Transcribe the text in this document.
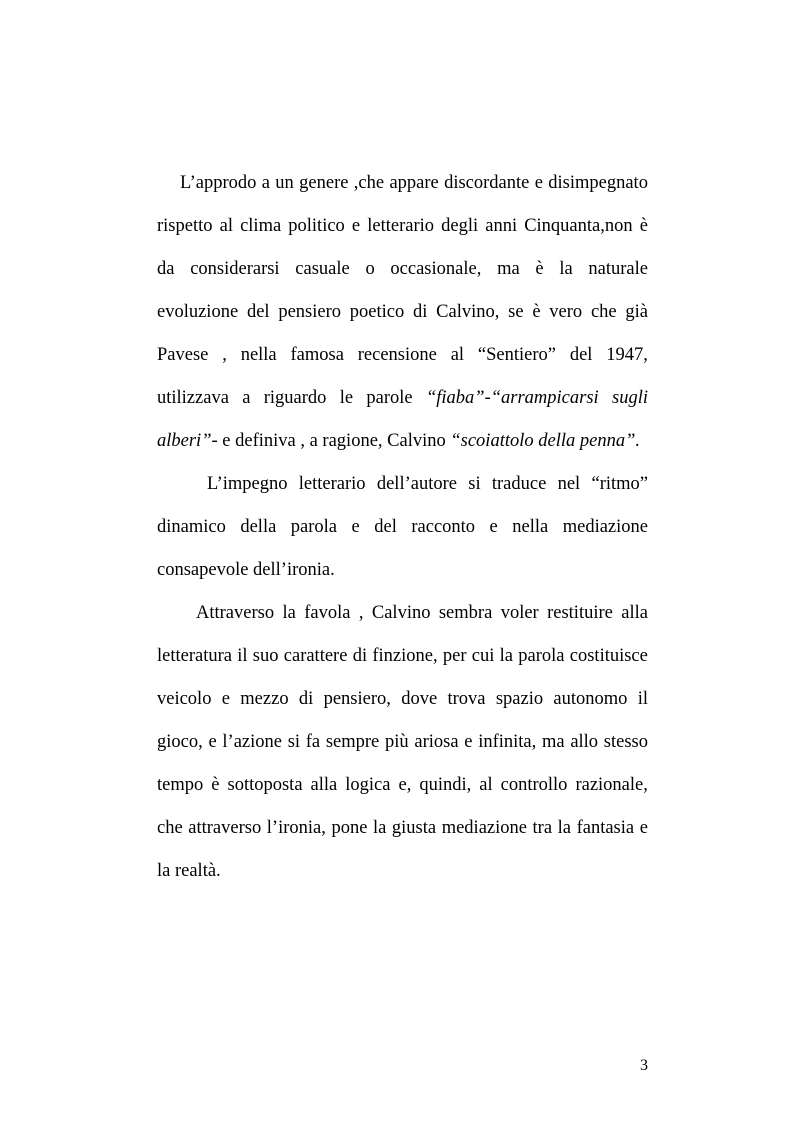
L’approdo a un genere ,che appare discordante e disimpegnato
rispetto al clima politico e letterario degli anni Cinquanta,non è
da considerarsi casuale o occasionale, ma è la naturale
evoluzione del pensiero poetico di Calvino, se è vero che già
Pavese , nella famosa recensione al “Sentiero” del 1947,
utilizzava a riguardo le parole “fiaba”-“arrampicarsi sugli
alberi”- e definiva , a ragione, Calvino “scoiattolo della penna”.
L’impegno letterario dell’autore si traduce nel “ritmo”
dinamico della parola e del racconto e nella mediazione
consapevole dell’ironia.
Attraverso la favola , Calvino sembra voler restituire alla
letteratura il suo carattere di finzione, per cui la parola costituisce
veicolo e mezzo di pensiero, dove trova spazio autonomo il
gioco, e l’azione si fa sempre più ariosa e infinita, ma allo stesso
tempo è sottoposta alla logica e, quindi, al controllo razionale,
che attraverso l’ironia, pone la giusta mediazione tra la fantasia e
la realtà.
3
